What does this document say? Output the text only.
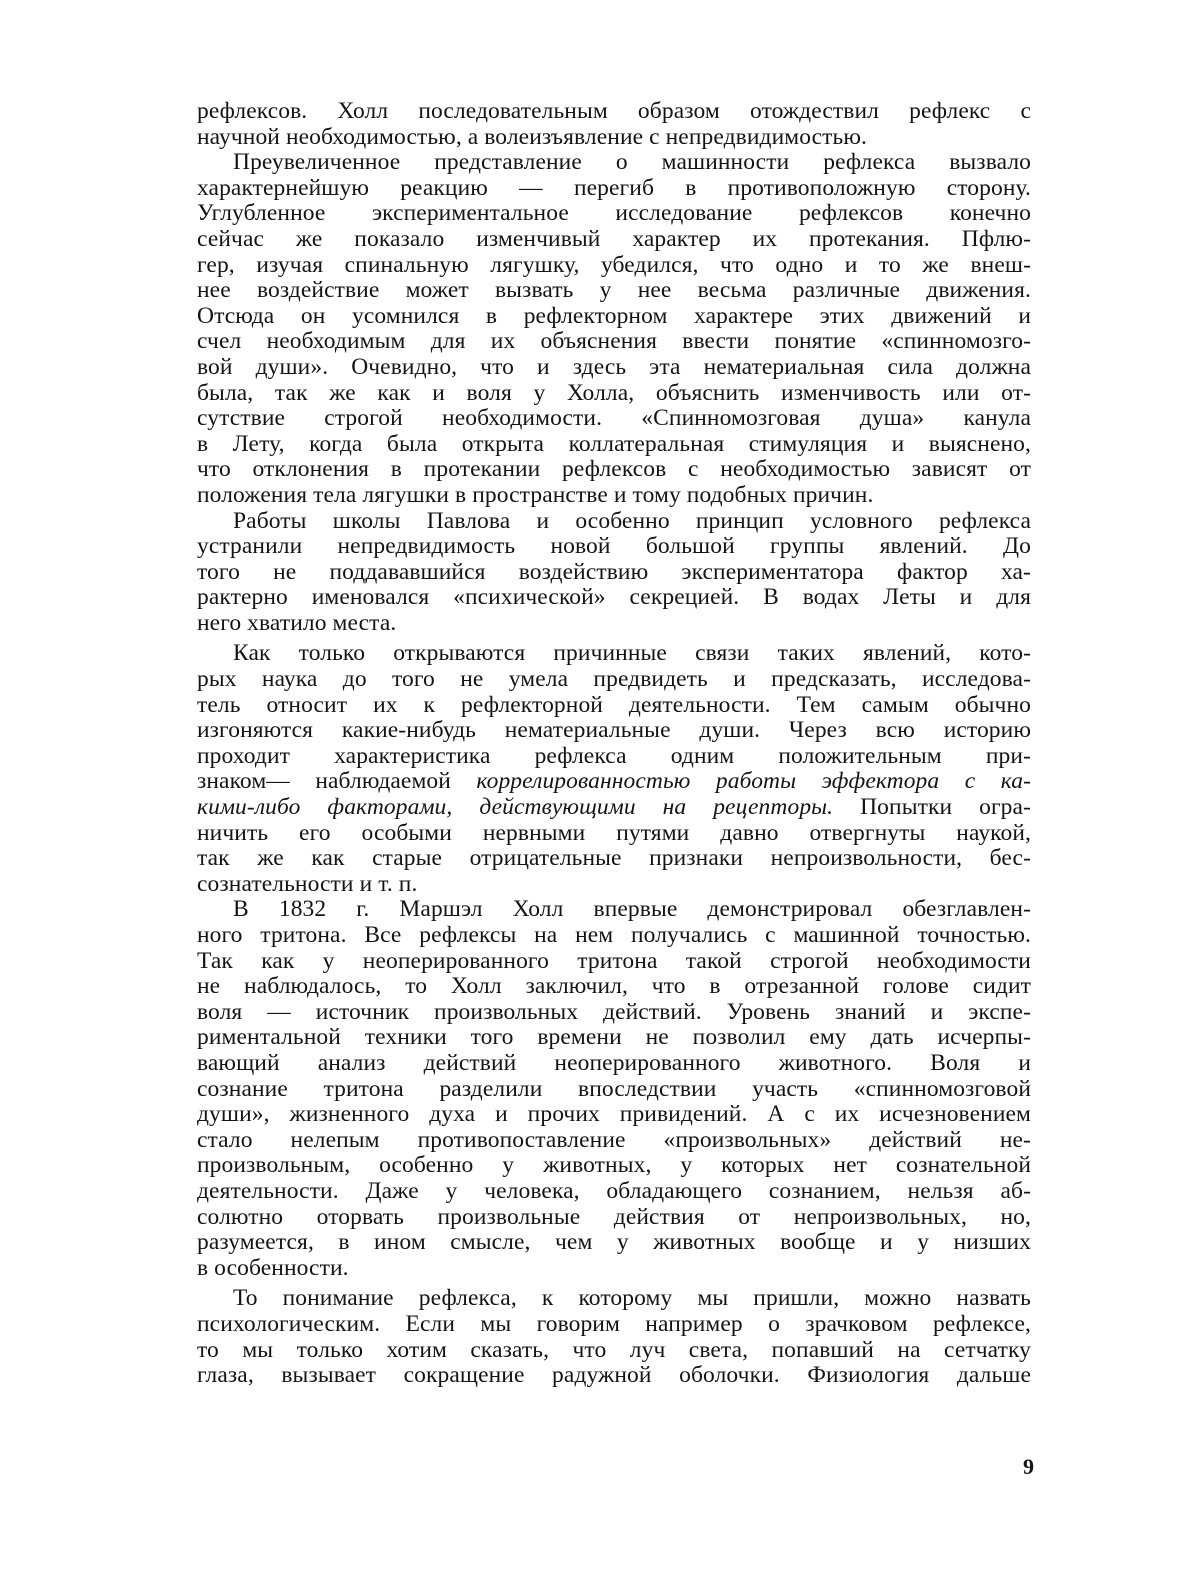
рефлексов. Холл последовательным образом отождествил рефлекс с
научной необходимостью, а волеизъявление с непредвидимостью.
Преувеличенное представление о машинности рефлекса вызвало
характернейшую реакцию — перегиб в противоположную сторону.
Углубленное экспериментальное исследование рефлексов конечно
сейчас же показало изменчивый характер их протекания. Пфлю-
гер, изучая спинальную лягушку, убедился, что одно и то же внеш-
нее воздействие может вызвать у нее весьма различные движения.
Отсюда он усомнился в рефлекторном характере этих движений и
счел необходимым для их объяснения ввести понятие «спинномозго-
вой души». Очевидно, что и здесь эта нематериальная сила должна
была, так же как и воля у Холла, объяснить изменчивость или от-
сутствие строгой необходимости. «Спинномозговая душа» канула
в Лету, когда была открыта коллатеральная стимуляция и выяснено,
что отклонения в протекании рефлексов с необходимостью зависят от
положения тела лягушки в пространстве и тому подобных причин.
Работы школы Павлова и особенно принцип условного рефлекса
устранили непредвидимость новой большой группы явлений. До
того не поддававшийся воздействию экспериментатора фактор ха-
рактерно именовался «психической» секрецией. В водах Леты и для
него хватило места.
Как только открываются причинные связи таких явлений, кото-
рых наука до того не умела предвидеть и предсказать, исследова-
тель относит их к рефлекторной деятельности. Тем самым обычно
изгоняются какие-нибудь нематериальные души. Через всю историю
проходит характеристика рефлекса одним положительным при-
знаком— наблюдаемой коррелированностью работы эффектора с ка-
кими-либо факторами, действующими на рецепторы. Попытки огра-
ничить его особыми нервными путями давно отвергнуты наукой,
так же как старые отрицательные признаки непроизвольности, бес-
сознательности и т. п.
В 1832 г. Маршэл Холл впервые демонстрировал обезглавлен-
ного тритона. Все рефлексы на нем получались с машинной точностью.
Так как у неоперированного тритона такой строгой необходимости
не наблюдалось, то Холл заключил, что в отрезанной голове сидит
воля — источник произвольных действий. Уровень знаний и экспе-
риментальной техники того времени не позволил ему дать исчерпы-
вающий анализ действий неоперированного животного. Воля и
сознание тритона разделили впоследствии участь «спинномозговой
души», жизненного духа и прочих привидений. А с их исчезновением
стало нелепым противопоставление «произвольных» действий не-
произвольным, особенно у животных, у которых нет сознательной
деятельности. Даже у человека, обладающего сознанием, нельзя аб-
солютно оторвать произвольные действия от непроизвольных, но,
разумеется, в ином смысле, чем у животных вообще и у низших
в особенности.
То понимание рефлекса, к которому мы пришли, можно назвать
психологическим. Если мы говорим например о зрачковом рефлексе,
то мы только хотим сказать, что луч света, попавший на сетчатку
глаза, вызывает сокращение радужной оболочки. Физиология дальше
9
